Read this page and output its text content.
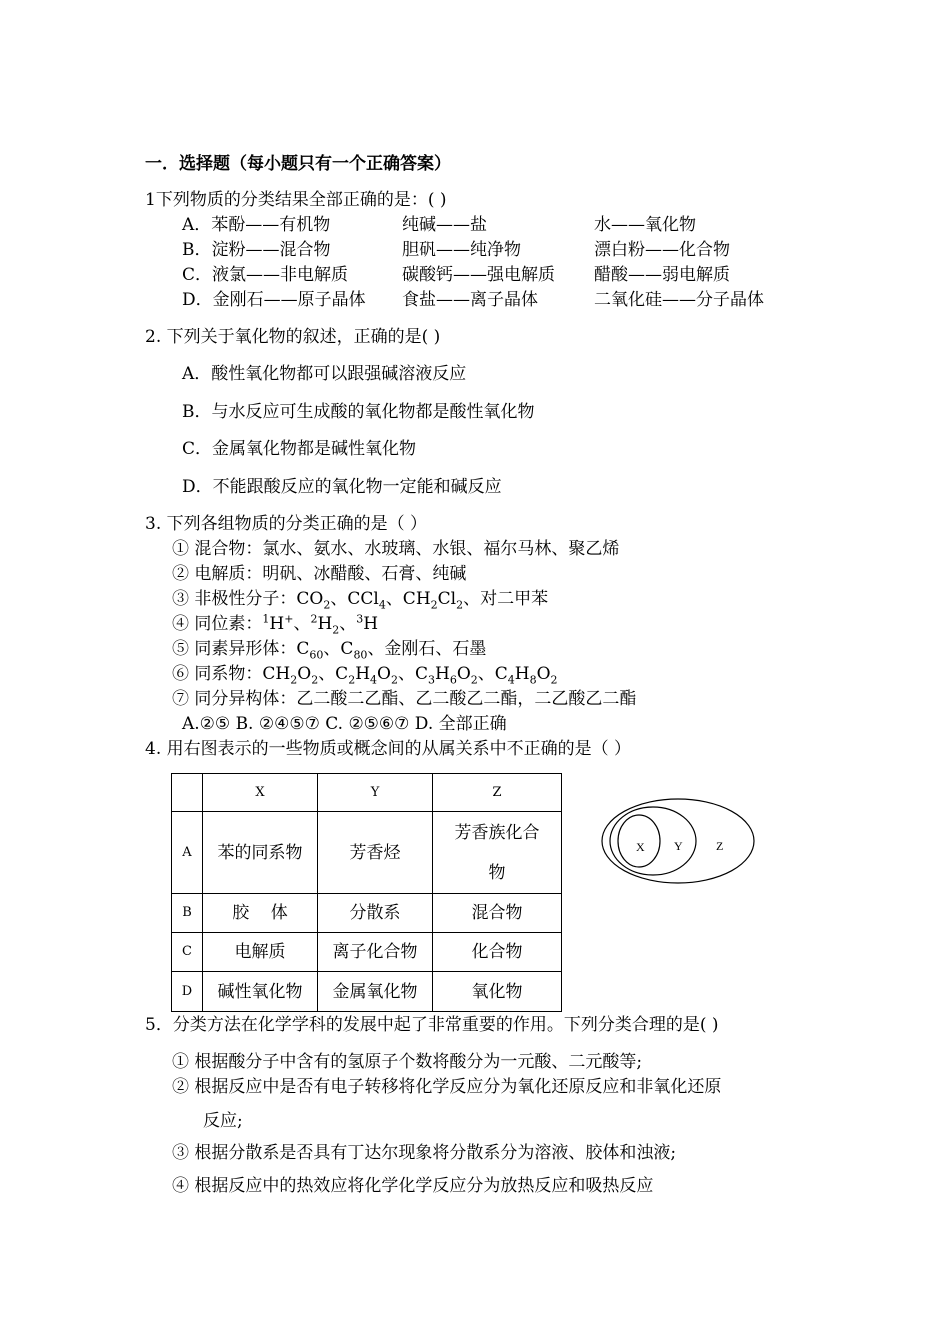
一．选择题（每小题只有一个正确答案）
1下列物质的分类结果全部正确的是：( )
A．苯酚——有机物	纯碱——盐	水——氧化物
B．淀粉——混合物	胆矾——纯净物	漂白粉——化合物
C．液氯——非电解质	碳酸钙——强电解质 醋酸——弱电解质
D．金刚石——原子晶体 食盐——离子晶体	二氧化硅——分子晶体
2. 下列关于氧化物的叙述，正确的是( )
A．酸性氧化物都可以跟强碱溶液反应
B．与水反应可生成酸的氧化物都是酸性氧化物
C．金属氧化物都是碱性氧化物
D．不能跟酸反应的氧化物一定能和碱反应
3. 下列各组物质的分类正确的是（ ）
① 混合物：氯水、氨水、水玻璃、水银、福尔马林、聚乙烯
② 电解质：明矾、冰醋酸、石膏、纯碱
③ 非极性分子：$CO_2$、CCl$_4$、$CH_2Cl_2$、对二甲苯
④ 同位素：$^1$H+、$^2H_2$、$^3$H
⑤ 同素异形体：$C_{60}$、$C_{80}$、金刚石、石墨
⑥ 同系物：$CH_2O_2$、$C_2H_4O_2$、$C_3H_6O_2$、$C_4H_8O_2$
⑦ 同分异构体：乙二酸二乙酯、乙二酸乙二酯，二乙酸乙二酯
A.②⑤ B. ②④⑤⑦ C. ②⑤⑥⑦ D. 全部正确
4. 用右图表示的一些物质或概念间的从属关系中不正确的是（ ）
	X	Y	Z
A	苯的同系物	芳香烃	芳香族化合
物
B	胶    体	分散系	混合物
C	电解质	离子化合物	化合物
D	碱性氧化物	金属氧化物	氧化物
X Y	Z
5．分类方法在化学学科的发展中起了非常重要的作用。下列分类合理的是( )
① 根据酸分子中含有的氢原子个数将酸分为一元酸、二元酸等;
② 根据反应中是否有电子转移将化学反应分为氧化还原反应和非氧化还原
反应;
③ 根据分散系是否具有丁达尔现象将分散系分为溶液、胶体和浊液;
④ 根据反应中的热效应将化学化学反应分为放热反应和吸热反应
